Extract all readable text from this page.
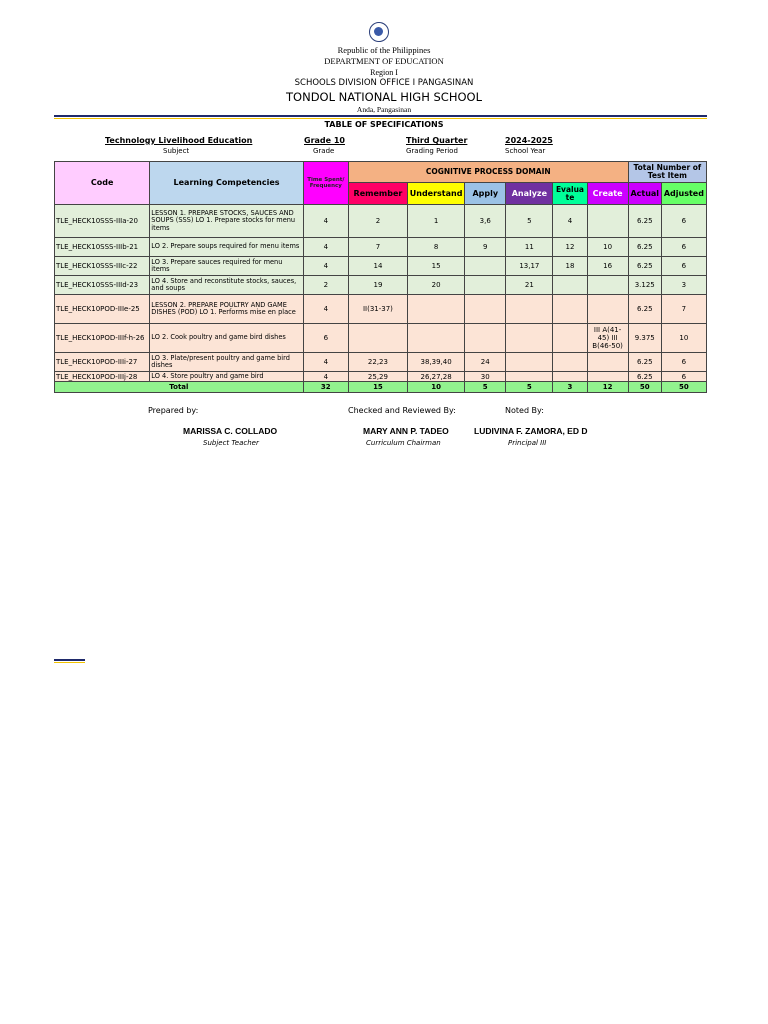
Republic of the Philippines
DEPARTMENT OF EDUCATION
Region I
SCHOOLS DIVISION OFFICE I PANGASINAN
TONDOL NATIONAL HIGH SCHOOL
Anda, Pangasinan
TABLE OF SPECIFICATIONS
Technology Livelihood Education
Subject
Grade 10
Grade
Third Quarter
Grading Period
2024-2025
School Year
Code	Learning Competencies	Time Spent/ Frequency	COGNITIVE PROCESS DOMAIN						Total Number of Test Item	
			Remember	Understand	Apply	Analyze	Evalua te	Create	Actual	Adjusted
TLE_HECK10SSS-IIIa-20	LESSON 1. PREPARE STOCKS, SAUCES AND SOUPS (SSS) LO 1. Prepare stocks for menu items	4	2	1	3,6	5	4		6.25	6
TLE_HECK10SSS-IIIb-21	LO 2. Prepare soups required for menu items	4	7	8	9	11	12	10	6.25	6
TLE_HECK10SSS-IIIc-22	LO 3. Prepare sauces required for menu items	4	14	15		13,17	18	16	6.25	6
TLE_HECK10SSS-IIId-23	LO 4. Store and reconstitute stocks, sauces, and soups	2	19	20		21			3.125	3
TLE_HECK10POD-IIIe-25	LESSON 2. PREPARE POULTRY AND GAME DISHES (POD) LO 1. Performs mise en place	4	II(31-37)						6.25	7
TLE_HECK10POD-IIIf-h-26	LO 2. Cook poultry and game bird dishes	6						III A(41-45) III B(46-50)	9.375	10
TLE_HECK10POD-IIIi-27	LO 3. Plate/present poultry and game bird dishes	4	22,23	38,39,40	24				6.25	6
TLE_HECK10POD-IIIj-28	LO 4. Store poultry and game bird	4	25,29	26,27,28	30				6.25	6
Total		32	15	10	5	5	3	12	50	50
Prepared by:	Checked and Reviewed By:	Noted By:
MARISSA C. COLLADO	MARY ANN P. TADEO	LUDIVINA F. ZAMORA, ED D
Subject Teacher	Curriculum Chairman	Principal III
